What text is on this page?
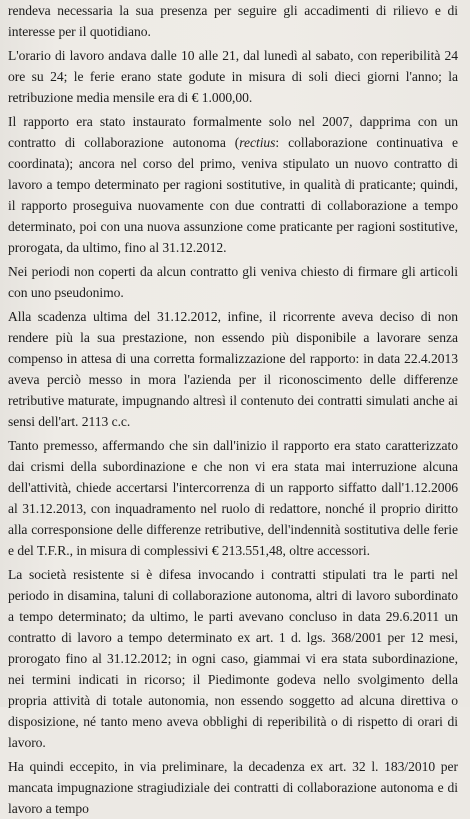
rendeva necessaria la sua presenza per seguire gli accadimenti di rilievo e di interesse per il quotidiano.

L'orario di lavoro andava dalle 10 alle 21, dal lunedì al sabato, con reperibilità 24 ore su 24; le ferie erano state godute in misura di soli dieci giorni l'anno; la retribuzione media mensile era di € 1.000,00.

Il rapporto era stato instaurato formalmente solo nel 2007, dapprima con un contratto di collaborazione autonoma (rectius: collaborazione continuativa e coordinata); ancora nel corso del primo, veniva stipulato un nuovo contratto di lavoro a tempo determinato per ragioni sostitutive, in qualità di praticante; quindi, il rapporto proseguiva nuovamente con due contratti di collaborazione a tempo determinato, poi con una nuova assunzione come praticante per ragioni sostitutive, prorogata, da ultimo, fino al 31.12.2012.

Nei periodi non coperti da alcun contratto gli veniva chiesto di firmare gli articoli con uno pseudonimo.

Alla scadenza ultima del 31.12.2012, infine, il ricorrente aveva deciso di non rendere più la sua prestazione, non essendo più disponibile a lavorare senza compenso in attesa di una corretta formalizzazione del rapporto: in data 22.4.2013 aveva perciò messo in mora l'azienda per il riconoscimento delle differenze retributive maturate, impugnando altresì il contenuto dei contratti simulati anche ai sensi dell'art. 2113 c.c.

Tanto premesso, affermando che sin dall'inizio il rapporto era stato caratterizzato dai crismi della subordinazione e che non vi era stata mai interruzione alcuna dell'attività, chiede accertarsi l'intercorrenza di un rapporto siffatto dall'1.12.2006 al 31.12.2013, con inquadramento nel ruolo di redattore, nonché il proprio diritto alla corresponsione delle differenze retributive, dell'indennità sostitutiva delle ferie e del T.F.R., in misura di complessivi € 213.551,48, oltre accessori.

La società resistente si è difesa invocando i contratti stipulati tra le parti nel periodo in disamina, taluni di collaborazione autonoma, altri di lavoro subordinato a tempo determinato; da ultimo, le parti avevano concluso in data 29.6.2011 un contratto di lavoro a tempo determinato ex art. 1 d. lgs. 368/2001 per 12 mesi, prorogato fino al 31.12.2012; in ogni caso, giammai vi era stata subordinazione, nei termini indicati in ricorso; il Piedimonte godeva nello svolgimento della propria attività di totale autonomia, non essendo soggetto ad alcuna direttiva o disposizione, né tanto meno aveva obblighi di reperibilità o di rispetto di orari di lavoro.

Ha quindi eccepito, in via preliminare, la decadenza ex art. 32 l. 183/2010 per mancata impugnazione stragiudiziale dei contratti di collaborazione autonoma e di lavoro a tempo
